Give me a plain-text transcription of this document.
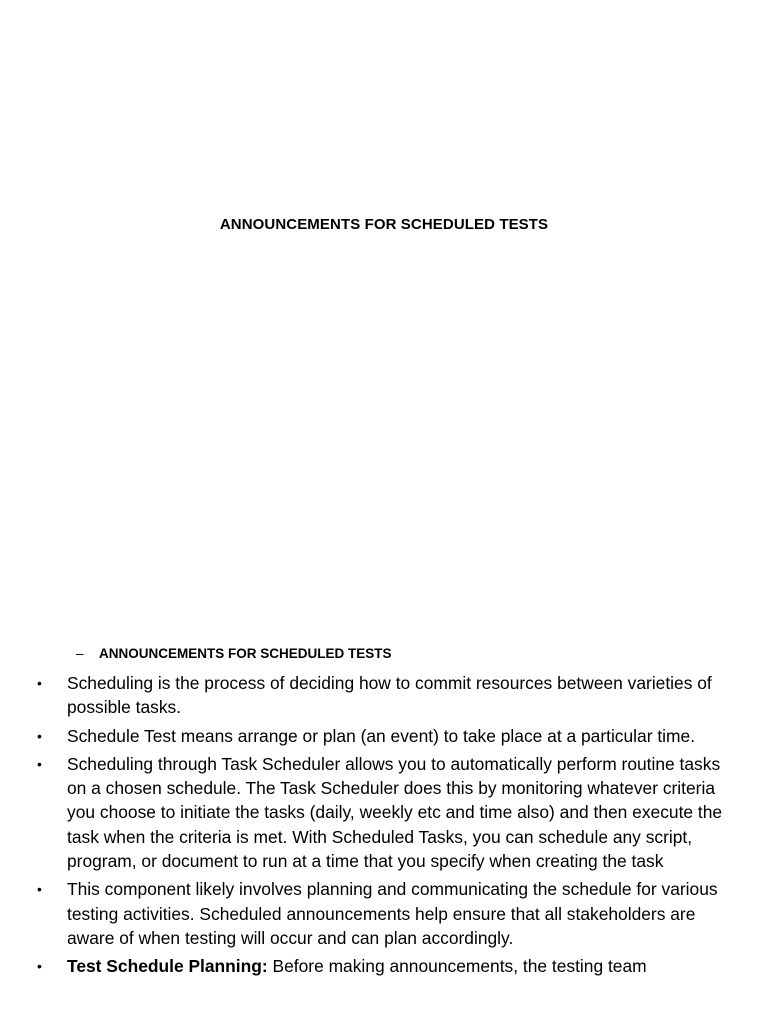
ANNOUNCEMENTS FOR SCHEDULED TESTS
– ANNOUNCEMENTS FOR SCHEDULED TESTS
• Scheduling is the process of deciding how to commit resources between varieties of possible tasks.
• Schedule Test means arrange or plan (an event) to take place at a particular time.
• Scheduling through Task Scheduler allows you to automatically perform routine tasks on a chosen schedule. The Task Scheduler does this by monitoring whatever criteria you choose to initiate the tasks (daily, weekly etc and time also) and then execute the task when the criteria is met. With Scheduled Tasks, you can schedule any script, program, or document to run at a time that you specify when creating the task
• This component likely involves planning and communicating the schedule for various testing activities. Scheduled announcements help ensure that all stakeholders are aware of when testing will occur and can plan accordingly.
• Test Schedule Planning: Before making announcements, the testing team
